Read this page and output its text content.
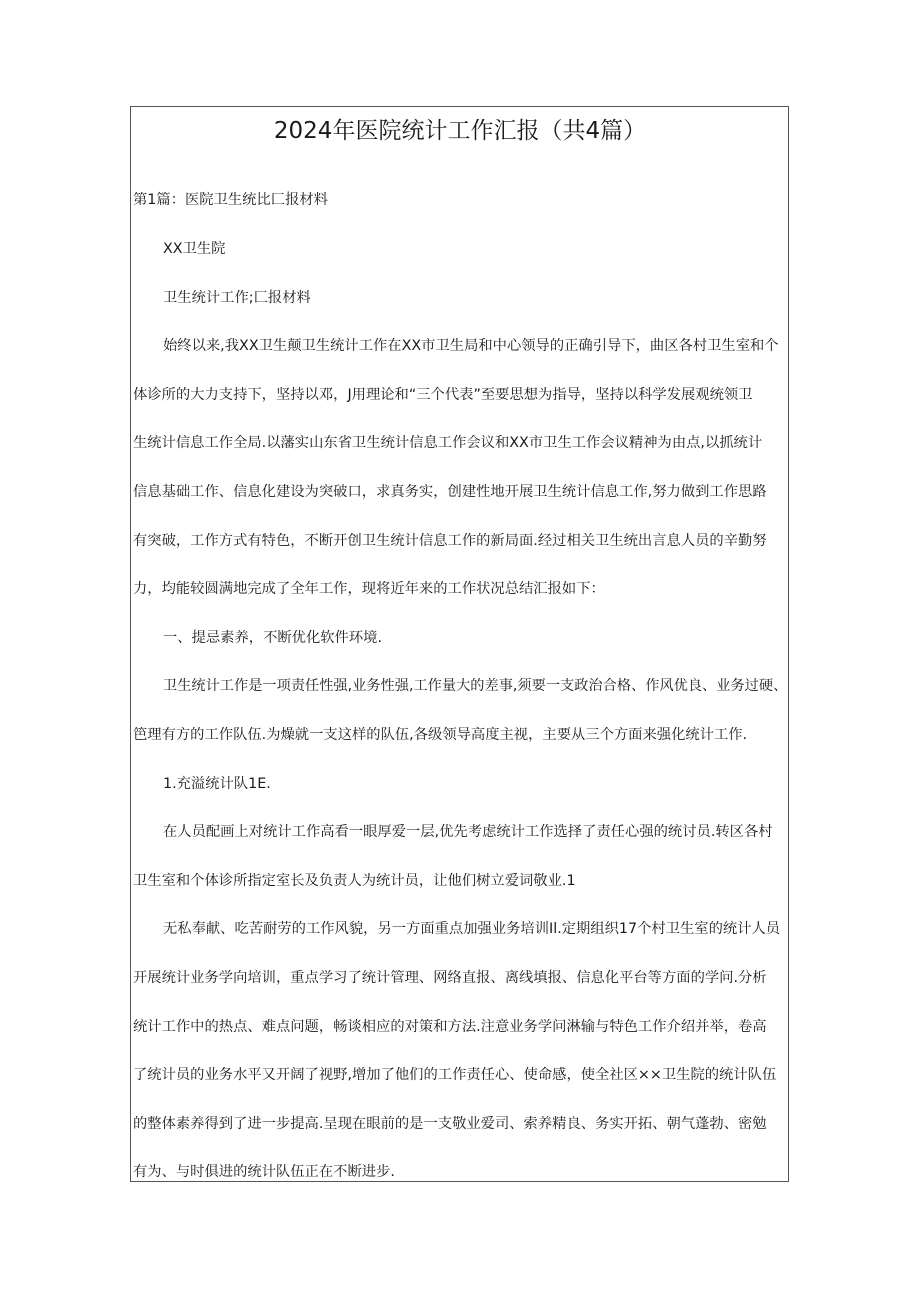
2024年医院统计工作汇报（共4篇）
第1篇：医院卫生统比匚报材料
XX卫生院
卫生统计工作;匚报材料
始终以来,我XX卫生颠卫生统计工作在XX市卫生局和中心领导的正确引导下，曲区各村卫生室和个
体诊所的大力支持下，坚持以邓，J用理论和“三个代表”至要思想为指导，坚持以科学发展观统领卫
生统计信息工作全局.以藩实山东省卫生统计信息工作会议和XX市卫生工作会议精神为由点,以抓统计
信息基础工作、信息化建设为突破口，求真务实，创建性地开展卫生统计信息工作,努力做到工作思路
有突破，工作方式有特色，不断开创卫生统计信息工作的新局面.经过相关卫生统出言息人员的辛勤努
力，均能较圆满地完成了全年工作，现将近年来的工作状况总结汇报如下：
一、提忌素养，不断优化软件环境.
卫生统计工作是一项责任性强,业务性强,工作量大的差事,须要一支政治合格、作风优良、业务过硬、
笆理有方的工作队伍.为燥就一支这样的队伍,各级领导高度主视，主要从三个方面来强化统计工作.
1.充溢统计队1E.
在人员配画上对统计工作高看一眼厚爱一层,优先考虑统计工作选择了责任心强的统讨员.转区各村
卫生室和个体诊所指定室长及负责人为统计员，让他们树立爱词敬业.1
无私奉献、吃苦耐劳的工作风貌，另一方面重点加强业务培训Il.定期组织17个村卫生室的统计人员
开展统计业务学向培训，重点学习了统计管理、网络直报、离线填报、信息化平台等方面的学问.分析
统计工作中的热点、难点问题，畅谈相应的对策和方法.注意业务学问淋输与特色工作介绍并举，卷高
了统计员的业务水平又开阔了视野,增加了他们的工作责任心、使命感，使全社区××卫生院的统计队伍
的整体素养得到了进一步提高.呈现在眼前的是一支敬业爱司、索养精良、务实开拓、朝气蓬勃、密勉
有为、与时俱进的统计队伍正在不断进步.
